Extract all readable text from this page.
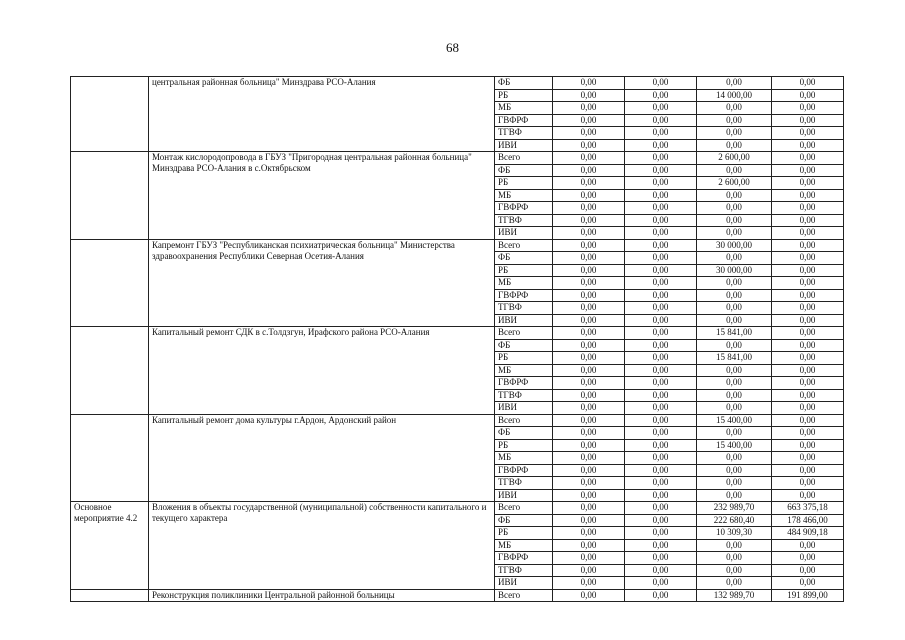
68
	центральная районная больница" Минздрава РСО-Алания	ФБ	0,00	0,00	0,00	0,00
		РБ	0,00	0,00	14 000,00	0,00
		МБ	0,00	0,00	0,00	0,00
		ГВФРФ	0,00	0,00	0,00	0,00
		ТГВФ	0,00	0,00	0,00	0,00
		ИВИ	0,00	0,00	0,00	0,00
	Монтаж кислородопровода в ГБУЗ "Пригородная центральная районная больница" Минздрава РСО-Алания в с.Октябрьском	Всего	0,00	0,00	2 600,00	0,00
		ФБ	0,00	0,00	0,00	0,00
		РБ	0,00	0,00	2 600,00	0,00
		МБ	0,00	0,00	0,00	0,00
		ГВФРФ	0,00	0,00	0,00	0,00
		ТГВФ	0,00	0,00	0,00	0,00
		ИВИ	0,00	0,00	0,00	0,00
	Капремонт ГБУЗ "Республиканская психиатрическая больница" Министерства здравоохранения Республики Северная Осетия-Алания	Всего	0,00	0,00	30 000,00	0,00
		ФБ	0,00	0,00	0,00	0,00
		РБ	0,00	0,00	30 000,00	0,00
		МБ	0,00	0,00	0,00	0,00
		ГВФРФ	0,00	0,00	0,00	0,00
		ТГВФ	0,00	0,00	0,00	0,00
		ИВИ	0,00	0,00	0,00	0,00
	Капитальный ремонт СДК в с.Толдзгун, Ирафского района РСО-Алания	Всего	0,00	0,00	15 841,00	0,00
		ФБ	0,00	0,00	0,00	0,00
		РБ	0,00	0,00	15 841,00	0,00
		МБ	0,00	0,00	0,00	0,00
		ГВФРФ	0,00	0,00	0,00	0,00
		ТГВФ	0,00	0,00	0,00	0,00
		ИВИ	0,00	0,00	0,00	0,00
	Капитальный ремонт дома культуры г.Ардон, Ардонский район	Всего	0,00	0,00	15 400,00	0,00
		ФБ	0,00	0,00	0,00	0,00
		РБ	0,00	0,00	15 400,00	0,00
		МБ	0,00	0,00	0,00	0,00
		ГВФРФ	0,00	0,00	0,00	0,00
		ТГВФ	0,00	0,00	0,00	0,00
		ИВИ	0,00	0,00	0,00	0,00
Основное мероприятие 4.2	Вложения в объекты государственной (муниципальной) собственности капитального и текущего характера	Всего	0,00	0,00	232 989,70	663 375,18
		ФБ	0,00	0,00	222 680,40	178 466,00
		РБ	0,00	0,00	10 309,30	484 909,18
		МБ	0,00	0,00	0,00	0,00
		ГВФРФ	0,00	0,00	0,00	0,00
		ТГВФ	0,00	0,00	0,00	0,00
		ИВИ	0,00	0,00	0,00	0,00
	Реконструкция поликлиники Центральной районной больницы	Всего	0,00	0,00	132 989,70	191 899,00
